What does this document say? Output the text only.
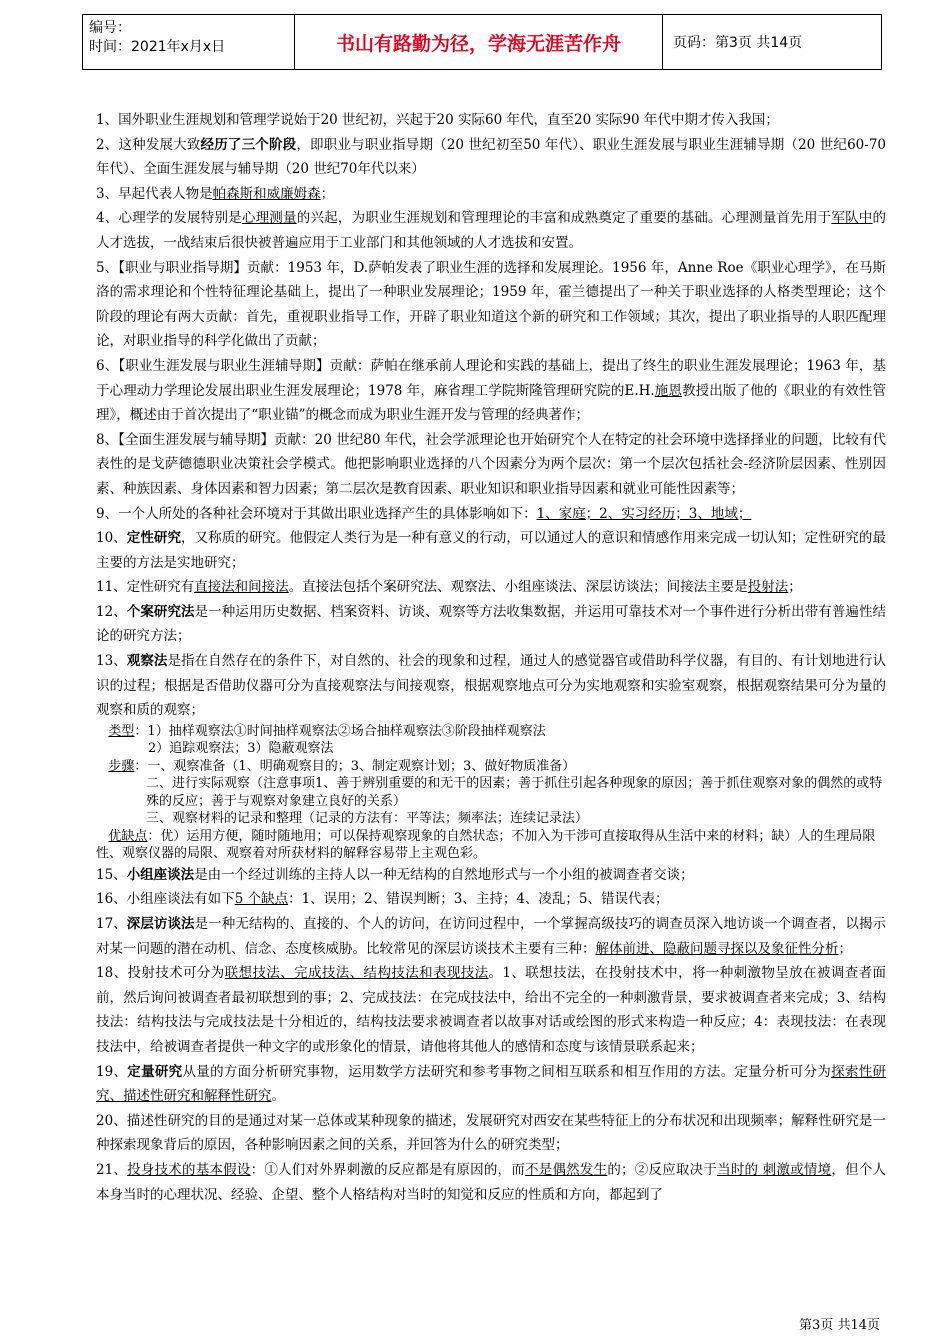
编号：
时间：2021年x月x日	书山有路勤为径，学海无涯苦作舟	页码：第3页 共14页

1、国外职业生涯规划和管理学说始于20 世纪初，兴起于20 实际60 年代，直至20 实际90 年代中期才传入我国；

2、这种发展大致经历了三个阶段，即职业与职业指导期（20 世纪初至50 年代）、职业生涯发展与职业生涯辅导期（20 世纪60-70 年代）、全面生涯发展与辅导期（20 世纪70年代以来）

3、早起代表人物是帕森斯和威廉姆森；

4、心理学的发展特别是心理测量的兴起，为职业生涯规划和管理理论的丰富和成熟奠定了重要的基础。心理测量首先用于军队中的人才选拔，一战结束后很快被普遍应用于工业部门和其他领域的人才选拔和安置。

5、【职业与职业指导期】贡献：1953 年，D.萨帕发表了职业生涯的选择和发展理论。1956 年，Anne Roe《职业心理学》，在马斯洛的需求理论和个性特征理论基础上，提出了一种职业发展理论；1959 年，霍兰德提出了一种关于职业选择的人格类型理论；这个阶段的理论有两大贡献：首先，重视职业指导工作，开辟了职业知道这个新的研究和工作领域；其次，提出了职业指导的人职匹配理论，对职业指导的科学化做出了贡献；

6、【职业生涯发展与职业生涯辅导期】贡献：萨帕在继承前人理论和实践的基础上，提出了终生的职业生涯发展理论；1963 年，基于心理动力学理论发展出职业生涯发展理论；1978 年，麻省理工学院斯隆管理研究院的E.H.施恩教授出版了他的《职业的有效性管理》，概述由于首次提出了“职业锚”的概念而成为职业生涯开发与管理的经典著作；

8、【全面生涯发展与辅导期】贡献：20 世纪80 年代，社会学派理论也开始研究个人在特定的社会环境中选择择业的问题，比较有代表性的是戈萨德德职业决策社会学模式。他把影响职业选择的八个因素分为两个层次：第一个层次包括社会-经济阶层因素、性别因素、种族因素、身体因素和智力因素；第二层次是教育因素、职业知识和职业指导因素和就业可能性因素等；

9、一个人所处的各种社会环境对于其做出职业选择产生的具体影响如下：1、家庭；2、实习经历；3、地域；

10、定性研究，又称质的研究。他假定人类行为是一种有意义的行动，可以通过人的意识和情感作用来完成一切认知；定性研究的最主要的方法是实地研究；

11、定性研究有直接法和间接法。直接法包括个案研究法、观察法、小组座谈法、深层访谈法；间接法主要是投射法；

12、个案研究法是一种运用历史数据、档案资料、访谈、观察等方法收集数据，并运用可靠技术对一个事件进行分析出带有普遍性结论的研究方法；

13、观察法是指在自然存在的条件下，对自然的、社会的现象和过程，通过人的感觉器官或借助科学仪器，有目的、有计划地进行认识的过程；根据是否借助仪器可分为直接观察法与间接观察，根据观察地点可分为实地观察和实验室观察，根据观察结果可分为量的观察和质的观察；

类型：1）抽样观察法①时间抽样观察法②场合抽样观察法③阶段抽样观察法

2）追踪观察法；3）隐蔽观察法

步骤：一、观察准备（1、明确观察目的；3、制定观察计划；3、做好物质准备）

二、进行实际观察（注意事项1、善于辨别重要的和无干的因素；善于抓住引起各种现象的原因；善于抓住观察对象的偶然的或特殊的反应；善于与观察对象建立良好的关系）

三、观察材料的记录和整理（记录的方法有：平等法；频率法；连续记录法）

优缺点：优）运用方便，随时随地用；可以保持观察现象的自然状态；不加入为干涉可直接取得从生活中来的材料；缺）人的生理局限性、观察仪器的局限、观察着对所获材料的解释容易带上主观色彩。

15、小组座谈法是由一个经过训练的主持人以一种无结构的自然地形式与一个小组的被调查者交谈；

16、小组座谈法有如下5 个缺点：1、误用；2、错误判断；3、主持；4、凌乱；5、错误代表；

17、深层访谈法是一种无结构的、直接的、个人的访问，在访问过程中，一个掌握高级技巧的调查员深入地访谈一个调查者，以揭示对某一问题的潜在动机、信念、态度核威胁。比较常见的深层访谈技术主要有三种：解体前进、隐蔽问题寻探以及象征性分析；

18、投射技术可分为联想技法、完成技法、结构技法和表现技法。1、联想技法，在投射技术中，将一种刺激物呈放在被调查者面前，然后询问被调查者最初联想到的事；2、完成技法：在完成技法中，给出不完全的一种刺激背景，要求被调查者来完成；3、结构技法：结构技法与完成技法是十分相近的，结构技法要求被调查者以故事对话或绘图的形式来构造一种反应；4：表现技法：在表现技法中，给被调查者提供一种文字的或形象化的情景，请他将其他人的感情和态度与该情景联系起来；

19、定量研究从量的方面分析研究事物，运用数学方法研究和参考事物之间相互联系和相互作用的方法。定量分析可分为探索性研究、描述性研究和解释性研究。

20、描述性研究的目的是通过对某一总体或某种现象的描述，发展研究对西安在某些特征上的分布状况和出现频率；解释性研究是一种探索现象背后的原因，各种影响因素之间的关系，并回答为什么的研究类型；

21、投身技术的基本假设：①人们对外界刺激的反应都是有原因的，而不是偶然发生的；②反应取决于当时的 刺激或情境，但个人本身当时的心理状况、经验、企望、整个人格结构对当时的知觉和反应的性质和方向，都起到了

第3页 共14页
